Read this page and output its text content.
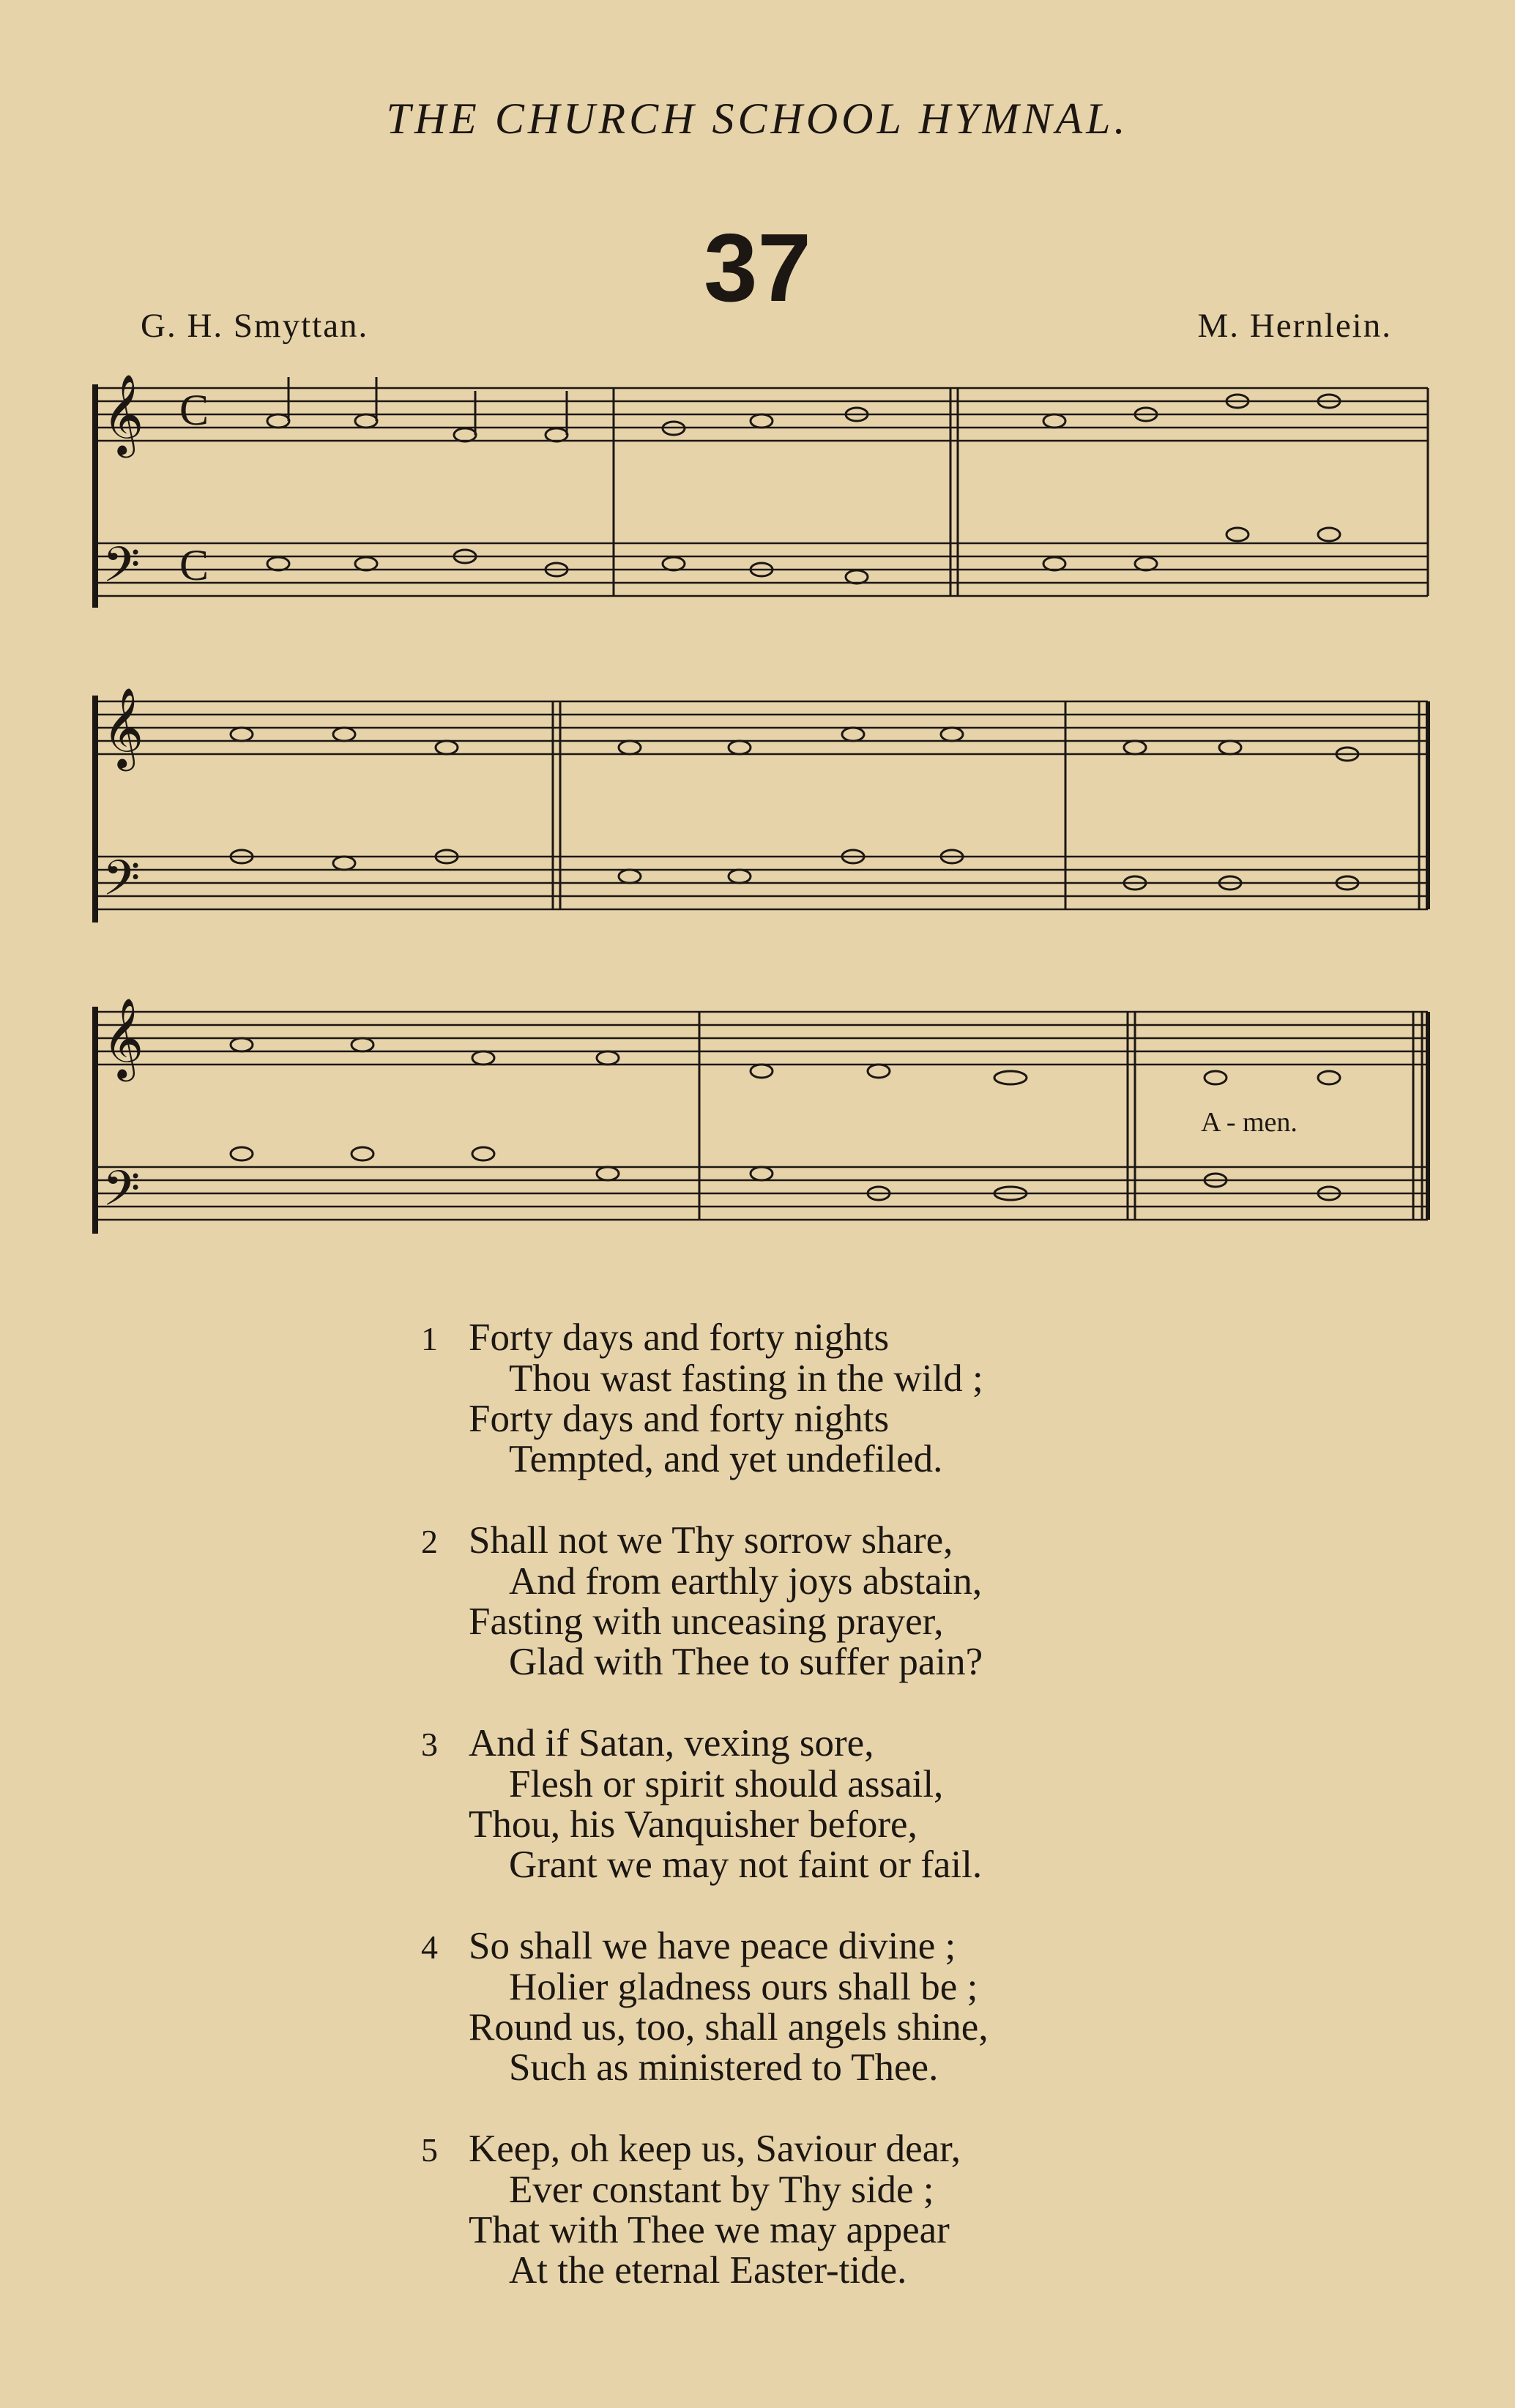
THE CHURCH SCHOOL HYMNAL.
37
G. H. Smyttan.	M. Hernlein.
𝄞
𝄢
C
C
𝄞
𝄢
𝄞
𝄢
A - men.
1 Forty days and forty nights
Thou wast fasting in the wild ;
Forty days and forty nights
Tempted, and yet undefiled.
2 Shall not we Thy sorrow share,
And from earthly joys abstain,
Fasting with unceasing prayer,
Glad with Thee to suffer pain?
3 And if Satan, vexing sore,
Flesh or spirit should assail,
Thou, his Vanquisher before,
Grant we may not faint or fail.
4 So shall we have peace divine ;
Holier gladness ours shall be ;
Round us, too, shall angels shine,
Such as ministered to Thee.
5 Keep, oh keep us, Saviour dear,
Ever constant by Thy side ;
That with Thee we may appear
At the eternal Easter-tide.
